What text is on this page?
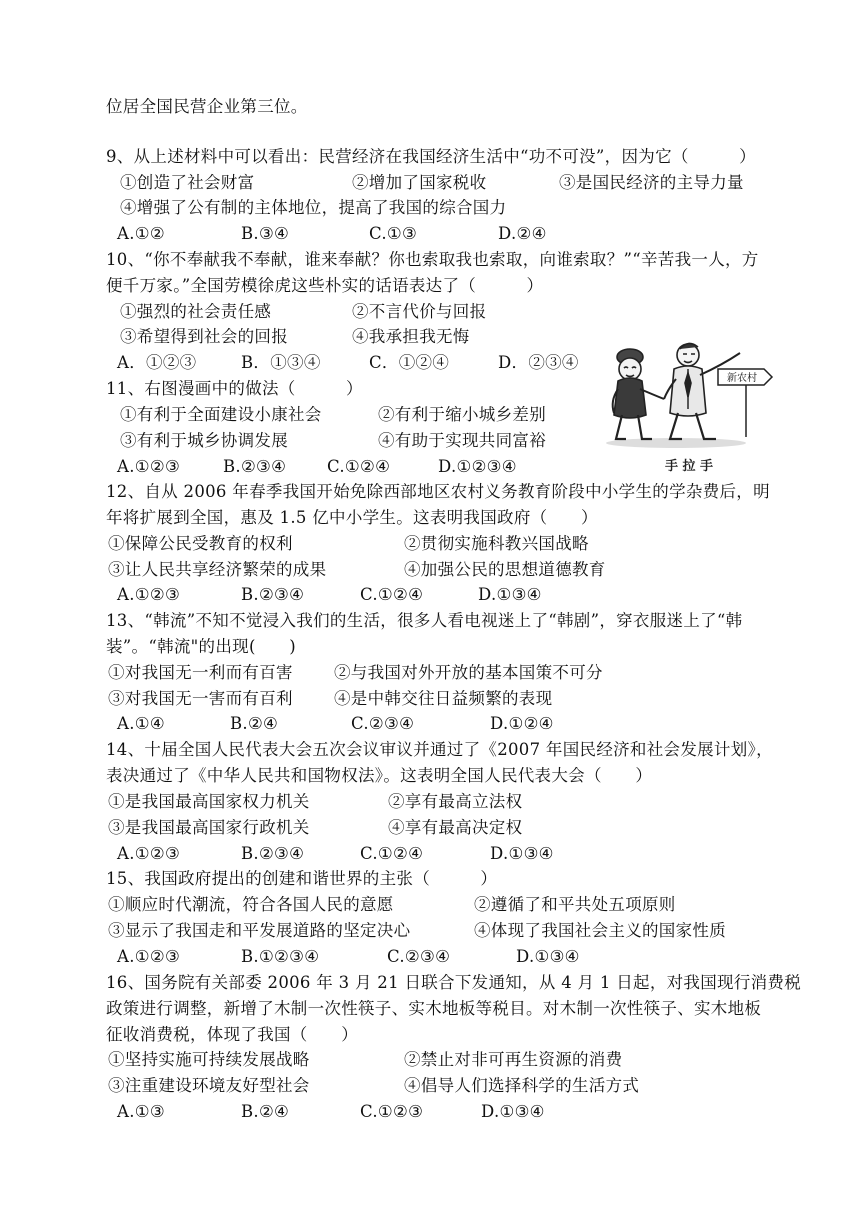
位居全国民营企业第三位。
9、从上述材料中可以看出：民营经济在我国经济生活中“功不可没”，因为它（　　　）
①创造了社会财富	②增加了国家税收	③是国民经济的主导力量
④增强了公有制的主体地位，提高了我国的综合国力
A.①②	B.③④	C.①③	D.②④
10、“你不奉献我不奉献，谁来奉献？你也索取我也索取，向谁索取？”“辛苦我一人，方
便千万家。”全国劳模徐虎这些朴实的话语表达了（　　　）
①强烈的社会责任感	②不言代价与回报
③希望得到社会的回报	④我承担我无悔
A．①②③	B．①③④	C．①②④	D．②③④
11、右图漫画中的做法（　　　）
①有利于全面建设小康社会	②有利于缩小城乡差别
③有利于城乡协调发展	④有助于实现共同富裕
A.①②③	B.②③④ C.①②④	D.①②③④
新农村
手 拉 手
12、自从 2006 年春季我国开始免除西部地区农村义务教育阶段中小学生的学杂费后，明
年将扩展到全国，惠及 1.5 亿中小学生。这表明我国政府（　　）
①保障公民受教育的权利	②贯彻实施科教兴国战略
③让人民共享经济繁荣的成果	④加强公民的思想道德教育
A.①②③	B.②③④	C.①②④	D.①③④
13、“韩流”不知不觉浸入我们的生活，很多人看电视迷上了“韩剧”，穿衣服迷上了“韩
装”。“韩流"的出现(　　)
①对我国无一利而有百害 ②与我国对外开放的基本国策不可分
③对我国无一害而有百利 ④是中韩交往日益频繁的表现
A.①④	B.②④	C.②③④	D.①②④
14、十届全国人民代表大会五次会议审议并通过了《2007 年国民经济和社会发展计划》，
表决通过了《中华人民共和国物权法》。这表明全国人民代表大会（　　）
①是我国最高国家权力机关	②享有最高立法权
③是我国最高国家行政机关	④享有最高决定权
A.①②③	B.②③④	C.①②④	D.①③④
15、我国政府提出的创建和谐世界的主张（　　　）
①顺应时代潮流，符合各国人民的意愿	②遵循了和平共处五项原则
③显示了我国走和平发展道路的坚定决心	④体现了我国社会主义的国家性质
A.①②③	B.①②③④	C.②③④	D.①③④
16、国务院有关部委 2006 年 3 月 21 日联合下发通知，从 4 月 1 日起，对我国现行消费税
政策进行调整，新增了木制一次性筷子、实木地板等税目。对木制一次性筷子、实木地板
征收消费税，体现了我国（　　）
①坚持实施可持续发展战略	②禁止对非可再生资源的消费
③注重建设环境友好型社会	④倡导人们选择科学的生活方式
A.①③	B.②④	C.①②③	D.①③④
